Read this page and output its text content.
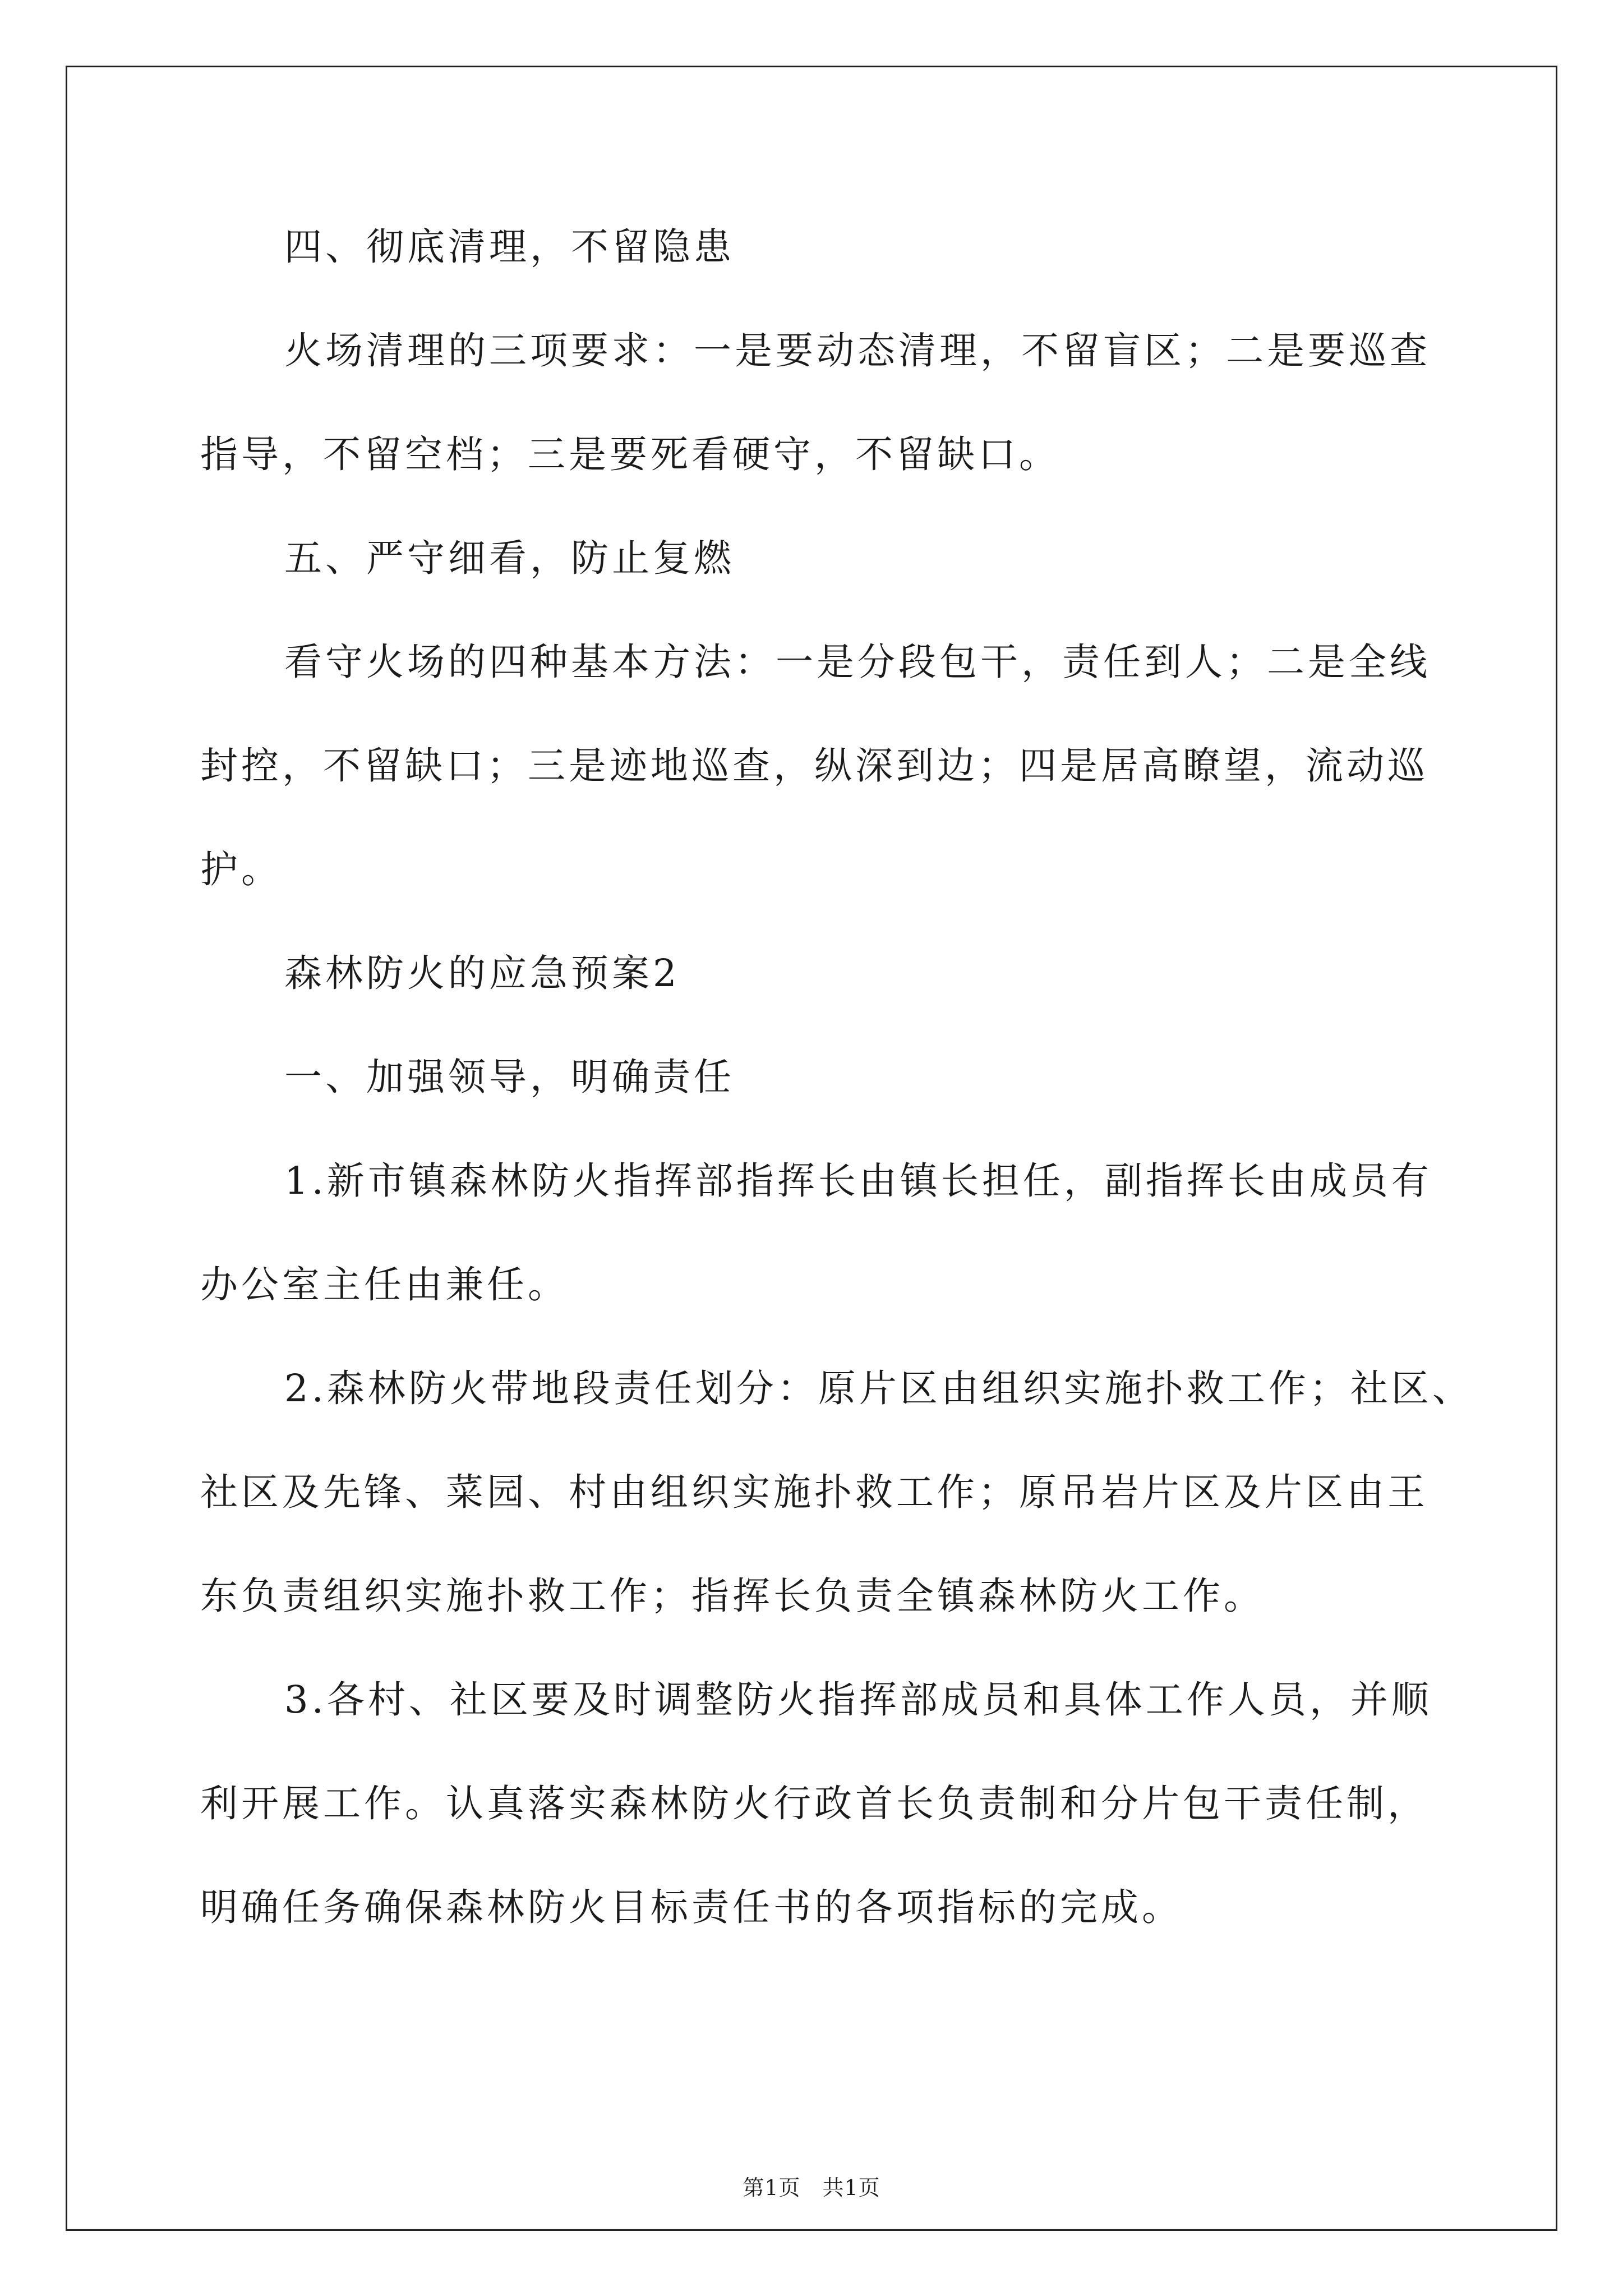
四、彻底清理，不留隐患
火场清理的三项要求：一是要动态清理，不留盲区；二是要巡查
指导，不留空档；三是要死看硬守，不留缺口。
五、严守细看，防止复燃
看守火场的四种基本方法：一是分段包干，责任到人；二是全线
封控，不留缺口；三是迹地巡查，纵深到边；四是居高瞭望，流动巡
护。
森林防火的应急预案2
一、加强领导，明确责任
1.新市镇森林防火指挥部指挥长由镇长担任，副指挥长由成员有
办公室主任由兼任。
2.森林防火带地段责任划分：原片区由组织实施扑救工作；社区、
社区及先锋、菜园、村由组织实施扑救工作；原吊岩片区及片区由王
东负责组织实施扑救工作；指挥长负责全镇森林防火工作。
3.各村、社区要及时调整防火指挥部成员和具体工作人员，并顺
利开展工作。认真落实森林防火行政首长负责制和分片包干责任制，
明确任务确保森林防火目标责任书的各项指标的完成。
第1页　共1页
